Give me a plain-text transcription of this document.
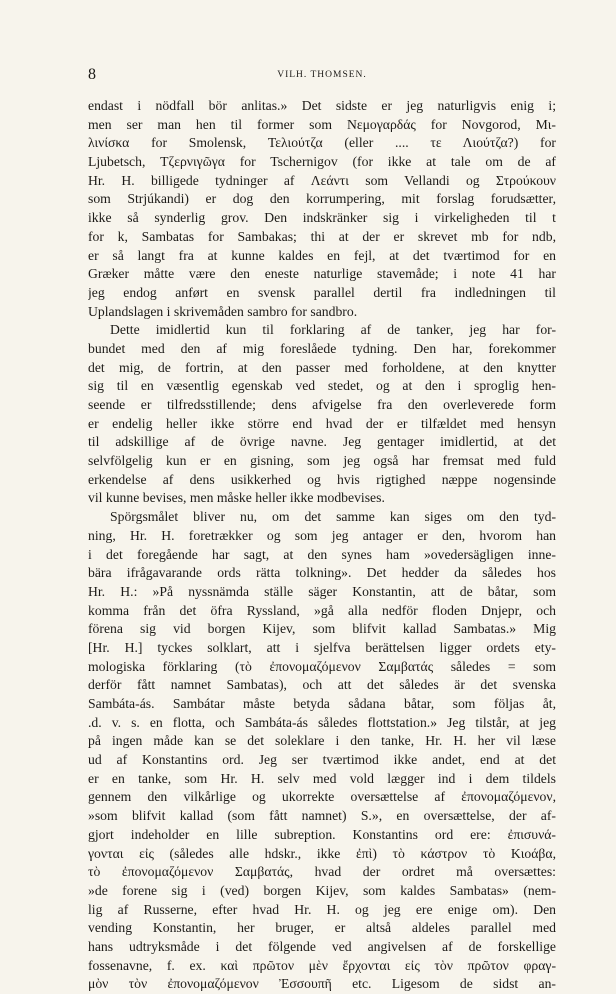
8	VILH. THOMSEN.
endast i nödfall bör anlitas.» Det sidste er jeg naturligvis enig i;
men ser man hen til former som Νεμογαρδάς for Novgorod, Μι-
λινίσκα for Smolensk, Τελιούτζα (eller .... τε Λιούτζα?) for
Ljubetsch, Τζερνιγῶγα for Tschernigov (for ikke at tale om de af
Hr. H. billigede tydninger af Λεάντι som Vellandi og Στρούκουν
som Strjúkandi) er dog den korrumpering, mit forslag forudsætter,
ikke så synderlig grov. Den indskränker sig i virkeligheden til t
for k, Sambatas for Sambakas; thi at der er skrevet mb for ndb,
er så langt fra at kunne kaldes en fejl, at det tværtimod for en
Græker måtte være den eneste naturlige stavemåde; i note 41 har
jeg endog anført en svensk parallel dertil fra indledningen til
Uplandslagen i skrivemåden sambro for sandbro.
Dette imidlertid kun til forklaring af de tanker, jeg har for-
bundet med den af mig foreslåede tydning. Den har, forekommer
det mig, de fortrin, at den passer med forholdene, at den knytter
sig til en væsentlig egenskab ved stedet, og at den i sproglig hen-
seende er tilfredsstillende; dens afvigelse fra den overleverede form
er endelig heller ikke större end hvad der er tilfældet med hensyn
til adskillige af de övrige navne. Jeg gentager imidlertid, at det
selvfölgelig kun er en gisning, som jeg også har fremsat med fuld
erkendelse af dens usikkerhed og hvis rigtighed næppe nogensinde
vil kunne bevises, men måske heller ikke modbevises.
Spörgsmålet bliver nu, om det samme kan siges om den tyd-
ning, Hr. H. foretrækker og som jeg antager er den, hvorom han
i det foregående har sagt, at den synes ham »ovedersägligen inne-
bära ifrågavarande ords rätta tolkning». Det hedder da således hos
Hr. H.: »På nyssnämda ställe säger Konstantin, att de båtar, som
komma från det öfra Ryssland, »gå alla nedför floden Dnjepr, och
förena sig vid borgen Kijev, som blifvit kallad Sambatas.» Mig
[Hr. H.] tyckes solklart, att i sjelfva berättelsen ligger ordets ety-
mologiska förklaring (τὸ ἐπονομαζόμενον Σαμβατάς således = som
derför fått namnet Sambatas), och att det således är det svenska
Sambáta-ás. Sambátar måste betyda sådana båtar, som följas åt,
.d. v. s. en flotta, och Sambáta-ás således flottstation.» Jeg tilstår, at jeg
på ingen måde kan se det soleklare i den tanke, Hr. H. her vil læse
ud af Konstantins ord. Jeg ser tværtimod ikke andet, end at det
er en tanke, som Hr. H. selv med vold lægger ind i dem tildels
gennem den vilkårlige og ukorrekte oversættelse af ἐπονομαζόμενον,
»som blifvit kallad (som fått namnet) S.», en oversættelse, der af-
gjort indeholder en lille subreption. Konstantins ord ere: ἐπισυνά-
γονται εἰς (således alle hdskr., ikke ἐπὶ) τὸ κάστρον τὸ Κιοάβα,
τὸ ἐπονομαζόμενον Σαμβατάς, hvad der ordret må oversættes:
»de forene sig i (ved) borgen Kijev, som kaldes Sambatas» (nem-
lig af Russerne, efter hvad Hr. H. og jeg ere enige om). Den
vending Konstantin, her bruger, er altså aldeles parallel med
hans udtryksmåde i det fölgende ved angivelsen af de forskellige
fossenavne, f. ex. καὶ πρῶτον μὲν ἔρχονται εἰς τὸν πρῶτον φραγ-
μὸν τὸν ἐπονομαζόμενον Ἐσσουπῆ etc. Ligesom de sidst an-
